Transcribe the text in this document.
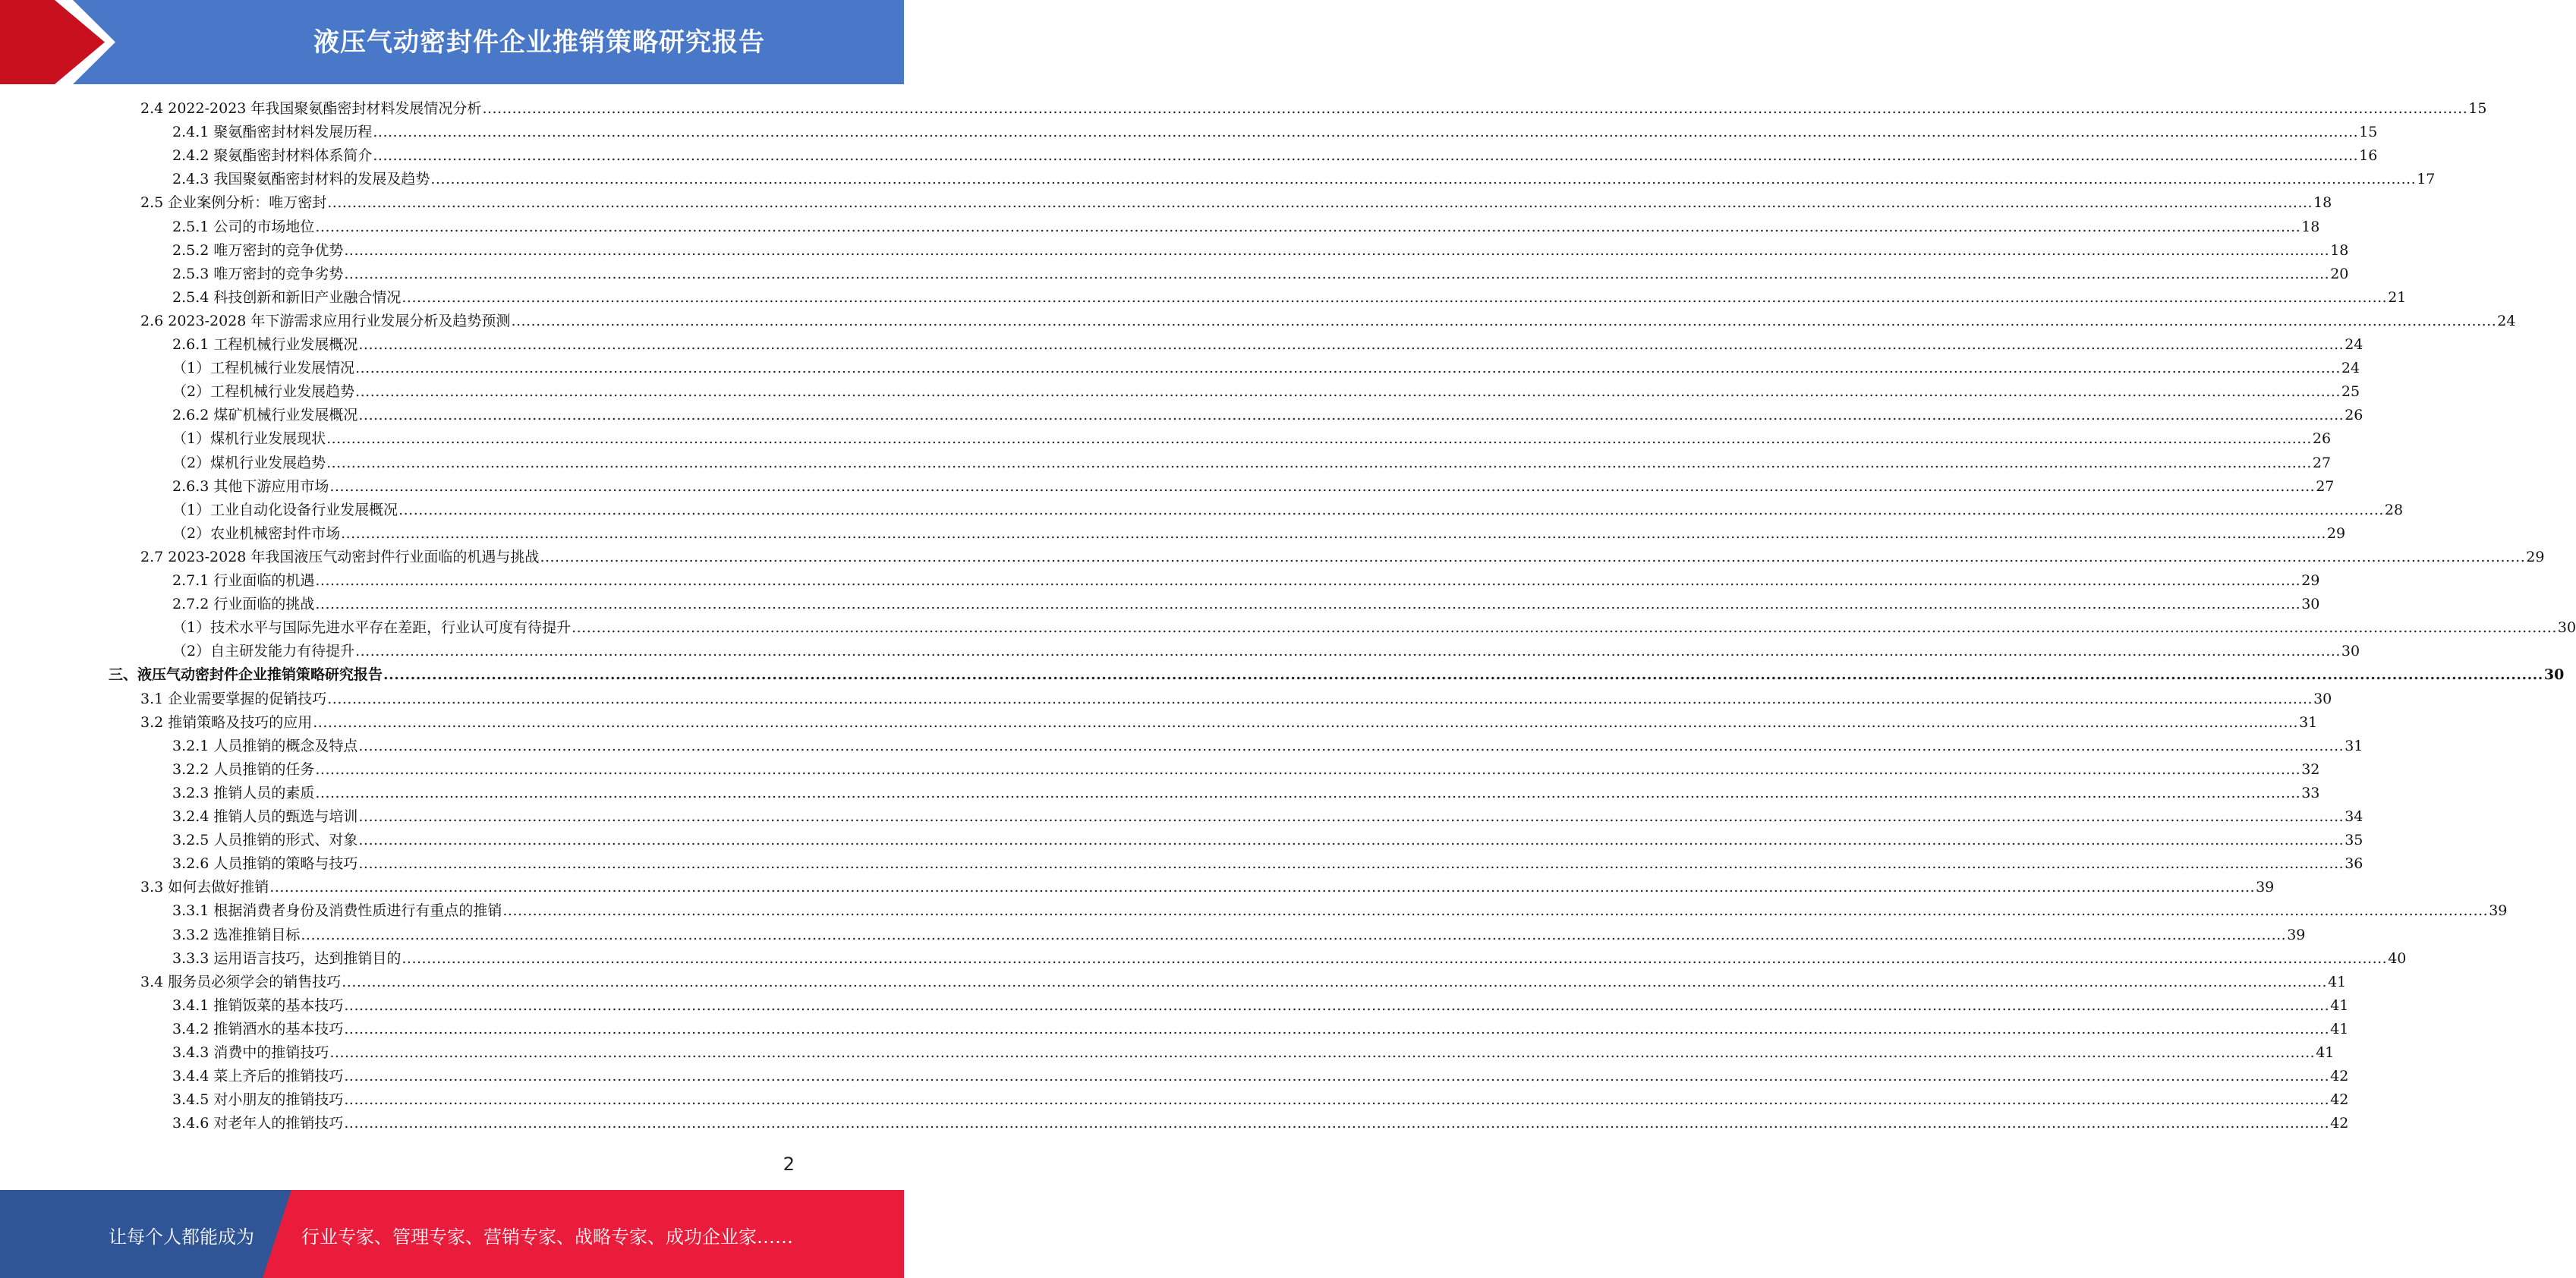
液压气动密封件企业推销策略研究报告
2.4 2022-2023 年我国聚氨酯密封材料发展情况分析 ................................................................................................................................................................................................................................................................................................................................................................................................................ 15
2.4.1 聚氨酯密封材料发展历程 ................................................................................................................................................................................................................................................................................................................................................................................................................ 15
2.4.2 聚氨酯密封材料体系简介 ................................................................................................................................................................................................................................................................................................................................................................................................................ 16
2.4.3 我国聚氨酯密封材料的发展及趋势 ................................................................................................................................................................................................................................................................................................................................................................................................................ 17
2.5 企业案例分析：唯万密封 ................................................................................................................................................................................................................................................................................................................................................................................................................ 18
2.5.1 公司的市场地位 ................................................................................................................................................................................................................................................................................................................................................................................................................ 18
2.5.2 唯万密封的竞争优势 ................................................................................................................................................................................................................................................................................................................................................................................................................ 18
2.5.3 唯万密封的竞争劣势 ................................................................................................................................................................................................................................................................................................................................................................................................................ 20
2.5.4 科技创新和新旧产业融合情况 ................................................................................................................................................................................................................................................................................................................................................................................................................ 21
2.6 2023-2028 年下游需求应用行业发展分析及趋势预测 ................................................................................................................................................................................................................................................................................................................................................................................................................ 24
2.6.1 工程机械行业发展概况 ................................................................................................................................................................................................................................................................................................................................................................................................................ 24
（1）工程机械行业发展情况 ................................................................................................................................................................................................................................................................................................................................................................................................................ 24
（2）工程机械行业发展趋势 ................................................................................................................................................................................................................................................................................................................................................................................................................ 25
2.6.2 煤矿机械行业发展概况 ................................................................................................................................................................................................................................................................................................................................................................................................................ 26
（1）煤机行业发展现状 ................................................................................................................................................................................................................................................................................................................................................................................................................ 26
（2）煤机行业发展趋势 ................................................................................................................................................................................................................................................................................................................................................................................................................ 27
2.6.3 其他下游应用市场 ................................................................................................................................................................................................................................................................................................................................................................................................................ 27
（1）工业自动化设备行业发展概况 ................................................................................................................................................................................................................................................................................................................................................................................................................ 28
（2）农业机械密封件市场 ................................................................................................................................................................................................................................................................................................................................................................................................................ 29
2.7 2023-2028 年我国液压气动密封件行业面临的机遇与挑战 ................................................................................................................................................................................................................................................................................................................................................................................................................ 29
2.7.1 行业面临的机遇 ................................................................................................................................................................................................................................................................................................................................................................................................................ 29
2.7.2 行业面临的挑战 ................................................................................................................................................................................................................................................................................................................................................................................................................ 30
（1）技术水平与国际先进水平存在差距，行业认可度有待提升 ................................................................................................................................................................................................................................................................................................................................................................................................................ 30
（2）自主研发能力有待提升 ................................................................................................................................................................................................................................................................................................................................................................................................................ 30
三、液压气动密封件企业推销策略研究报告 ................................................................................................................................................................................................................................................................................................................................................................................................................ 30
3.1 企业需要掌握的促销技巧 ................................................................................................................................................................................................................................................................................................................................................................................................................ 30
3.2 推销策略及技巧的应用 ................................................................................................................................................................................................................................................................................................................................................................................................................ 31
3.2.1 人员推销的概念及特点 ................................................................................................................................................................................................................................................................................................................................................................................................................ 31
3.2.2 人员推销的任务 ................................................................................................................................................................................................................................................................................................................................................................................................................ 32
3.2.3 推销人员的素质 ................................................................................................................................................................................................................................................................................................................................................................................................................ 33
3.2.4 推销人员的甄选与培训 ................................................................................................................................................................................................................................................................................................................................................................................................................ 34
3.2.5 人员推销的形式、对象 ................................................................................................................................................................................................................................................................................................................................................................................................................ 35
3.2.6 人员推销的策略与技巧 ................................................................................................................................................................................................................................................................................................................................................................................................................ 36
3.3 如何去做好推销 ................................................................................................................................................................................................................................................................................................................................................................................................................ 39
3.3.1 根据消费者身份及消费性质进行有重点的推销 ................................................................................................................................................................................................................................................................................................................................................................................................................ 39
3.3.2 选准推销目标 ................................................................................................................................................................................................................................................................................................................................................................................................................ 39
3.3.3 运用语言技巧，达到推销目的 ................................................................................................................................................................................................................................................................................................................................................................................................................ 40
3.4 服务员必须学会的销售技巧 ................................................................................................................................................................................................................................................................................................................................................................................................................ 41
3.4.1 推销饭菜的基本技巧 ................................................................................................................................................................................................................................................................................................................................................................................................................ 41
3.4.2 推销酒水的基本技巧 ................................................................................................................................................................................................................................................................................................................................................................................................................ 41
3.4.3 消费中的推销技巧 ................................................................................................................................................................................................................................................................................................................................................................................................................ 41
3.4.4 菜上齐后的推销技巧 ................................................................................................................................................................................................................................................................................................................................................................................................................ 42
3.4.5 对小朋友的推销技巧 ................................................................................................................................................................................................................................................................................................................................................................................................................ 42
3.4.6 对老年人的推销技巧 ................................................................................................................................................................................................................................................................................................................................................................................................................ 42
2
让每个人都能成为	行业专家、管理专家、营销专家、战略专家、成功企业家……
